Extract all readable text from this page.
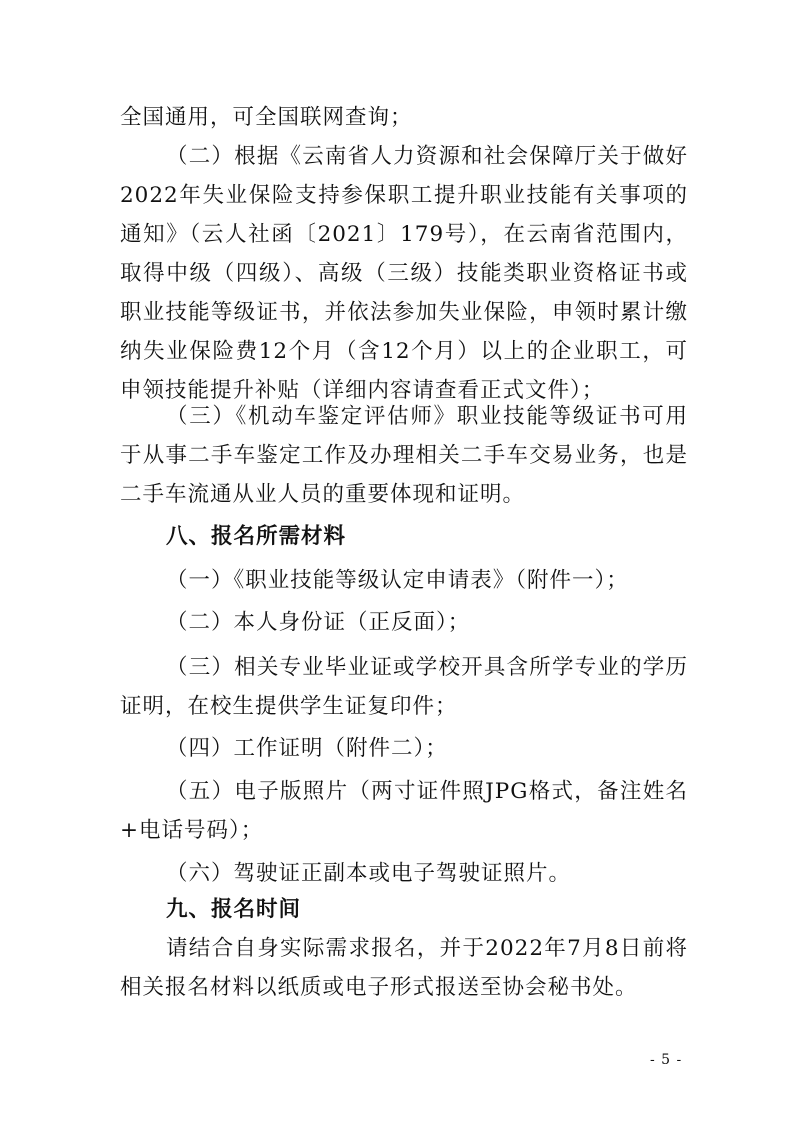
全国通用，可全国联网查询；

（二）根据《云南省人力资源和社会保障厅关于做好2022年失业保险支持参保职工提升职业技能有关事项的通知》（云人社函〔2021〕179号），在云南省范围内，取得中级（四级）、高级（三级）技能类职业资格证书或职业技能等级证书，并依法参加失业保险，申领时累计缴纳失业保险费12个月（含12个月）以上的企业职工，可申领技能提升补贴（详细内容请查看正式文件）；

（三）《机动车鉴定评估师》职业技能等级证书可用于从事二手车鉴定工作及办理相关二手车交易业务，也是二手车流通从业人员的重要体现和证明。

八、报名所需材料

（一）《职业技能等级认定申请表》（附件一）；

（二）本人身份证（正反面）；

（三）相关专业毕业证或学校开具含所学专业的学历证明，在校生提供学生证复印件；

（四）工作证明（附件二）；

（五）电子版照片（两寸证件照JPG格式，备注姓名+电话号码）；

（六）驾驶证正副本或电子驾驶证照片。

九、报名时间

请结合自身实际需求报名，并于2022年7月8日前将相关报名材料以纸质或电子形式报送至协会秘书处。

- 5 -
